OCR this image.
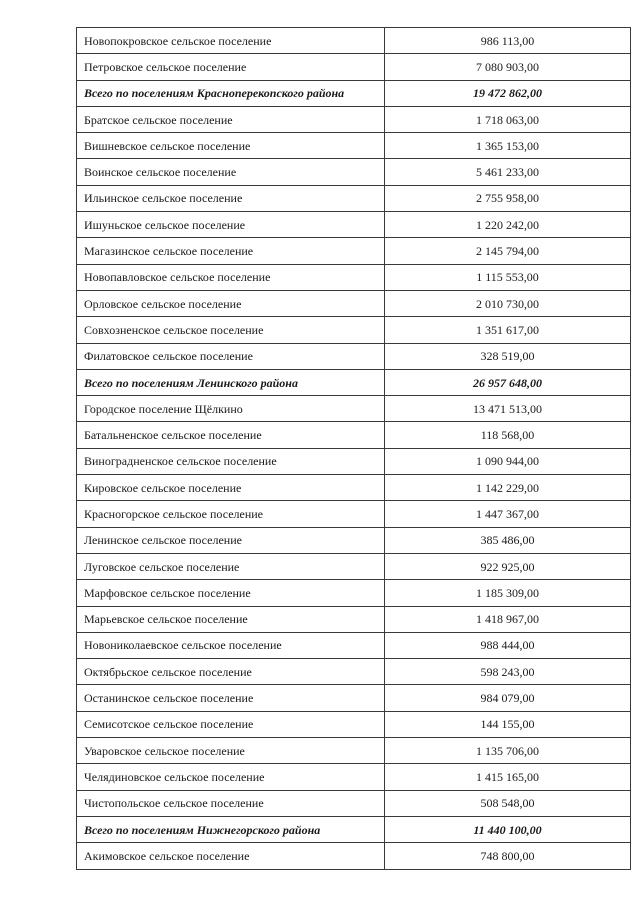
Новопокровское сельское поселение	986 113,00
Петровское сельское поселение	7 080 903,00
Всего по поселениям Красноперекопского района	19 472 862,00
Братское сельское поселение	1 718 063,00
Вишневское сельское поселение	1 365 153,00
Воинское сельское поселение	5 461 233,00
Ильинское сельское поселение	2 755 958,00
Ишуньское сельское поселение	1 220 242,00
Магазинское сельское поселение	2 145 794,00
Новопавловское сельское поселение	1 115 553,00
Орловское сельское поселение	2 010 730,00
Совхозненское сельское поселение	1 351 617,00
Филатовское сельское поселение	328 519,00
Всего по поселениям Ленинского района	26 957 648,00
Городское поселение Щёлкино	13 471 513,00
Батальненское сельское поселение	118 568,00
Виноградненское сельское поселение	1 090 944,00
Кировское сельское поселение	1 142 229,00
Красногорское сельское поселение	1 447 367,00
Ленинское сельское поселение	385 486,00
Луговское сельское поселение	922 925,00
Марфовское сельское поселение	1 185 309,00
Марьевское сельское поселение	1 418 967,00
Новониколаевское сельское поселение	988 444,00
Октябрьское сельское поселение	598 243,00
Останинское сельское поселение	984 079,00
Семисотское сельское поселение	144 155,00
Уваровское сельское поселение	1 135 706,00
Челядиновское сельское поселение	1 415 165,00
Чистопольское сельское поселение	508 548,00
Всего по поселениям Нижнегорского района	11 440 100,00
Акимовское сельское поселение	748 800,00
